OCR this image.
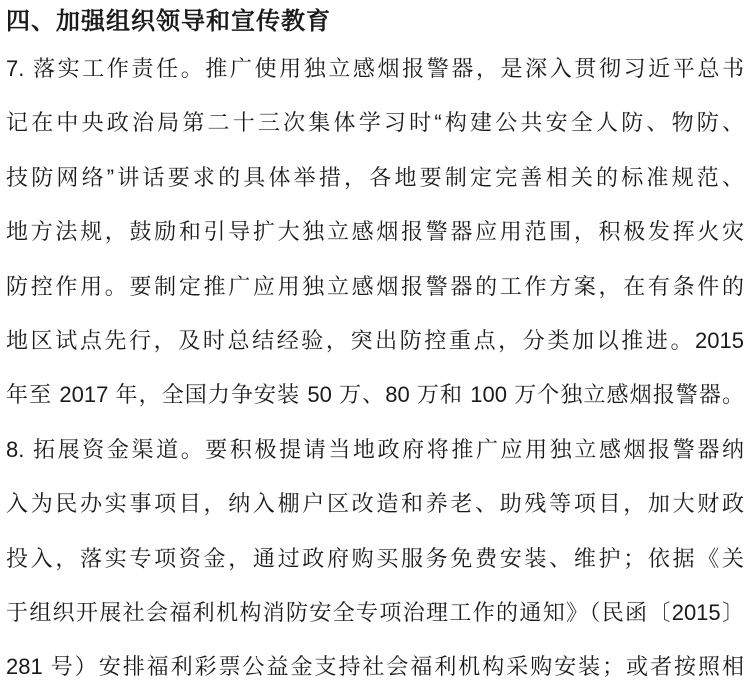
四、加强组织领导和宣传教育
7. 落实工作责任。推广使用独立感烟报警器，是深入贯彻习近平总书
记在中央政治局第二十三次集体学习时“构建公共安全人防、物防、
技防网络”讲话要求的具体举措，各地要制定完善相关的标准规范、
地方法规，鼓励和引导扩大独立感烟报警器应用范围，积极发挥火灾
防控作用。要制定推广应用独立感烟报警器的工作方案，在有条件的
地区试点先行，及时总结经验，突出防控重点，分类加以推进。2015
年至 2017 年，全国力争安装 50 万、80 万和 100 万个独立感烟报警器。
8. 拓展资金渠道。要积极提请当地政府将推广应用独立感烟报警器纳
入为民办实事项目，纳入棚户区改造和养老、助残等项目，加大财政
投入，落实专项资金，通过政府购买服务免费安装、维护；依据《关
于组织开展社会福利机构消防安全专项治理工作的通知》（民函〔2015〕
281 号）安排福利彩票公益金支持社会福利机构采购安装；或者按照相
